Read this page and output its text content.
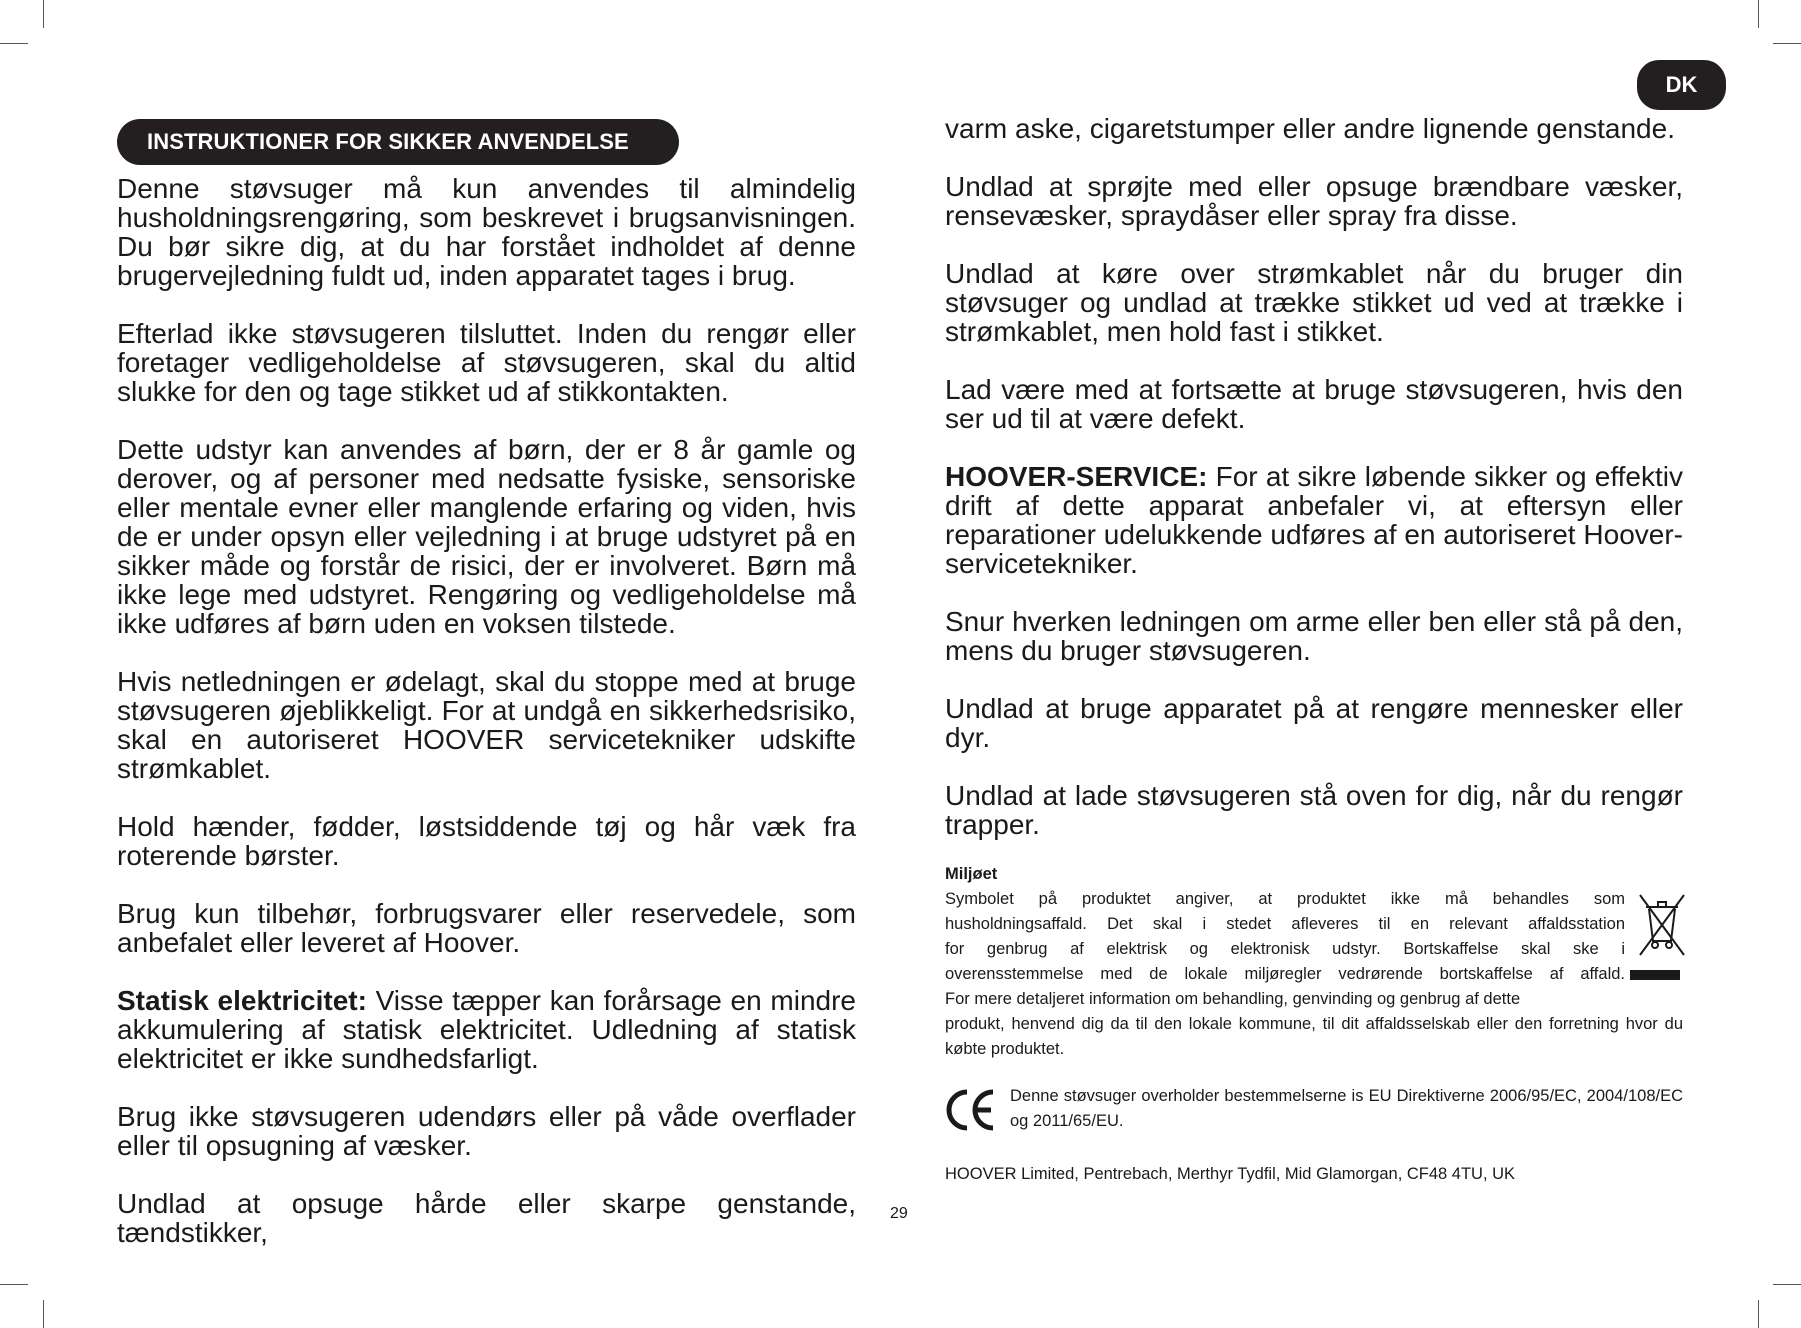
DK
INSTRUKTIONER FOR SIKKER ANVENDELSE

Denne støvsuger må kun anvendes til almindelig husholdningsrengøring, som beskrevet i brugsanvisningen. Du bør sikre dig, at du har forstået indholdet af denne brugervejledning fuldt ud, inden apparatet tages i brug.

Efterlad ikke støvsugeren tilsluttet. Inden du rengør eller foretager vedligeholdelse af støvsugeren, skal du altid slukke for den og tage stikket ud af stikkontakten.

Dette udstyr kan anvendes af børn, der er 8 år gamle og derover, og af personer med nedsatte fysiske, sensoriske eller mentale evner eller manglende erfaring og viden, hvis de er under opsyn eller vejledning i at bruge udstyret på en sikker måde og forstår de risici, der er involveret. Børn må ikke lege med udstyret. Rengøring og vedligeholdelse må ikke udføres af børn uden en voksen tilstede.

Hvis netledningen er ødelagt, skal du stoppe med at bruge støvsugeren øjeblikkeligt. For at undgå en sikkerhedsrisiko, skal en autoriseret HOOVER servicetekniker udskifte strømkablet.

Hold hænder, fødder, løstsiddende tøj og hår væk fra roterende børster.

Brug kun tilbehør, forbrugsvarer eller reservedele, som anbefalet eller leveret af Hoover.

Statisk elektricitet: Visse tæpper kan forårsage en mindre akkumulering af statisk elektricitet. Udledning af statisk elektricitet er ikke sundhedsfarligt.

Brug ikke støvsugeren udendørs eller på våde overflader eller til opsugning af væsker.

Undlad at opsuge hårde eller skarpe genstande, tændstikker,

varm aske, cigaretstumper eller andre lignende genstande.

Undlad at sprøjte med eller opsuge brændbare væsker, rensevæsker, spraydåser eller spray fra disse.

Undlad at køre over strømkablet når du bruger din støvsuger og undlad at trække stikket ud ved at trække i strømkablet, men hold fast i stikket.

Lad være med at fortsætte at bruge støvsugeren, hvis den ser ud til at være defekt.

HOOVER-SERVICE: For at sikre løbende sikker og effektiv drift af dette apparat anbefaler vi, at eftersyn eller reparationer udelukkende udføres af en autoriseret Hoover-servicetekniker.

Snur hverken ledningen om arme eller ben eller stå på den, mens du bruger støvsugeren.

Undlad at bruge apparatet på at rengøre mennesker eller dyr.

Undlad at lade støvsugeren stå oven for dig, når du rengør trapper.

Miljøet
Symbolet på produktet angiver, at produktet ikke må behandles som
husholdningsaffald. Det skal i stedet afleveres til en relevant affaldsstation
for genbrug af elektrisk og elektronisk udstyr. Bortskaffelse skal ske i
overensstemmelse med de lokale miljøregler vedrørende bortskaffelse af affald.
For mere detaljeret information om behandling, genvinding og genbrug af dette
produkt, henvend dig da til den lokale kommune, til dit affaldsselskab eller den forretning hvor du købte produktet.
Denne støvsuger overholder bestemmelserne is EU Direktiverne 2006/95/EC, 2004/108/EC og 2011/65/EU.
HOOVER Limited, Pentrebach, Merthyr Tydfil, Mid Glamorgan, CF48 4TU, UK
29
